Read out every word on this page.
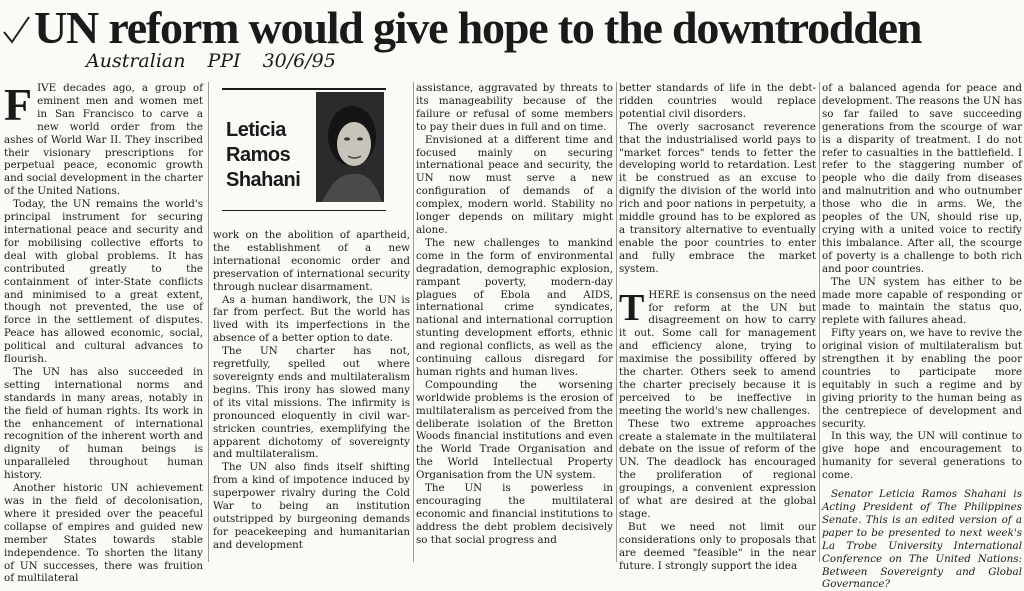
UN reform would give hope to the downtrodden
Australian PPI 30/6/95

FIVE decades ago, a group of eminent men and women met in San Francisco to carve a new world order from the ashes of World War II. They inscribed their visionary prescriptions for perpetual peace, economic growth and social development in the charter of the United Nations.

Today, the UN remains the world's principal instrument for securing international peace and security and for mobilising collective efforts to deal with global problems. It has contributed greatly to the containment of inter-State conflicts and minimised to a great extent, though not prevented, the use of force in the settlement of disputes. Peace has allowed economic, social, political and cultural advances to flourish.

The UN has also succeeded in setting international norms and standards in many areas, notably in the field of human rights. Its work in the enhancement of international recognition of the inherent worth and dignity of human beings is unparalleled throughout human history.

Another historic UN achievement was in the field of decolonisation, where it presided over the peaceful collapse of empires and guided new member States towards stable independence. To shorten the litany of UN successes, there was fruition of multilateral

Leticia
Ramos
Shahani

work on the abolition of apartheid, the establishment of a new international economic order and preservation of international security through nuclear disarmament.

As a human handiwork, the UN is far from perfect. But the world has lived with its imperfections in the absence of a better option to date.

The UN charter has not, regretfully, spelled out where sovereignty ends and multilateralism begins. This irony has slowed many of its vital missions. The infirmity is pronounced eloquently in civil war-stricken countries, exemplifying the apparent dichotomy of sovereignty and multilateralism.

The UN also finds itself shifting from a kind of impotence induced by superpower rivalry during the Cold War to being an institution outstripped by burgeoning demands for peacekeeping and humanitarian and development

assistance, aggravated by threats to its manageability because of the failure or refusal of some members to pay their dues in full and on time.

Envisioned at a different time and focused mainly on securing international peace and security, the UN now must serve a new configuration of demands of a complex, modern world. Stability no longer depends on military might alone.

The new challenges to mankind come in the form of environmental degradation, demographic explosion, rampant poverty, modern-day plagues of Ebola and AIDS, international crime syndicates, national and international corruption stunting development efforts, ethnic and regional conflicts, as well as the continuing callous disregard for human rights and human lives.

Compounding the worsening worldwide problems is the erosion of multilateralism as perceived from the deliberate isolation of the Bretton Woods financial institutions and even the World Trade Organisation and the World Intellectual Property Organisation from the UN system.

The UN is powerless in encouraging the multilateral economic and financial institutions to address the debt problem decisively so that social progress and

better standards of life in the debt-ridden countries would replace potential civil disorders.

The overly sacrosanct reverence that the industrialised world pays to "market forces" tends to fetter the developing world to retardation. Lest it be construed as an excuse to dignify the division of the world into rich and poor nations in perpetuity, a middle ground has to be explored as a transitory alternative to eventually enable the poor countries to enter and fully embrace the market system.

THERE is consensus on the need for reform at the UN but disagreement on how to carry it out. Some call for management and efficiency alone, trying to maximise the possibility offered by the charter. Others seek to amend the charter precisely because it is perceived to be ineffective in meeting the world's new challenges.

These two extreme approaches create a stalemate in the multilateral debate on the issue of reform of the UN. The deadlock has encouraged the proliferation of regional groupings, a convenient expression of what are desired at the global stage.

But we need not limit our considerations only to proposals that are deemed "feasible" in the near future. I strongly support the idea

of a balanced agenda for peace and development. The reasons the UN has so far failed to save succeeding generations from the scourge of war is a disparity of treatment. I do not refer to casualties in the battlefield. I refer to the staggering number of people who die daily from diseases and malnutrition and who outnumber those who die in arms. We, the peoples of the UN, should rise up, crying with a united voice to rectify this imbalance. After all, the scourge of poverty is a challenge to both rich and poor countries.

The UN system has either to be made more capable of responding or made to maintain the status quo, replete with failures ahead.

Fifty years on, we have to revive the original vision of multilateralism but strengthen it by enabling the poor countries to participate more equitably in such a regime and by giving priority to the human being as the centrepiece of development and security.

In this way, the UN will continue to give hope and encouragement to humanity for several generations to come.

Senator Leticia Ramos Shahani is Acting President of The Philippines Senate. This is an edited version of a paper to be presented to next week's La Trobe University International Conference on The United Nations: Between Sovereignty and Global Governance?
